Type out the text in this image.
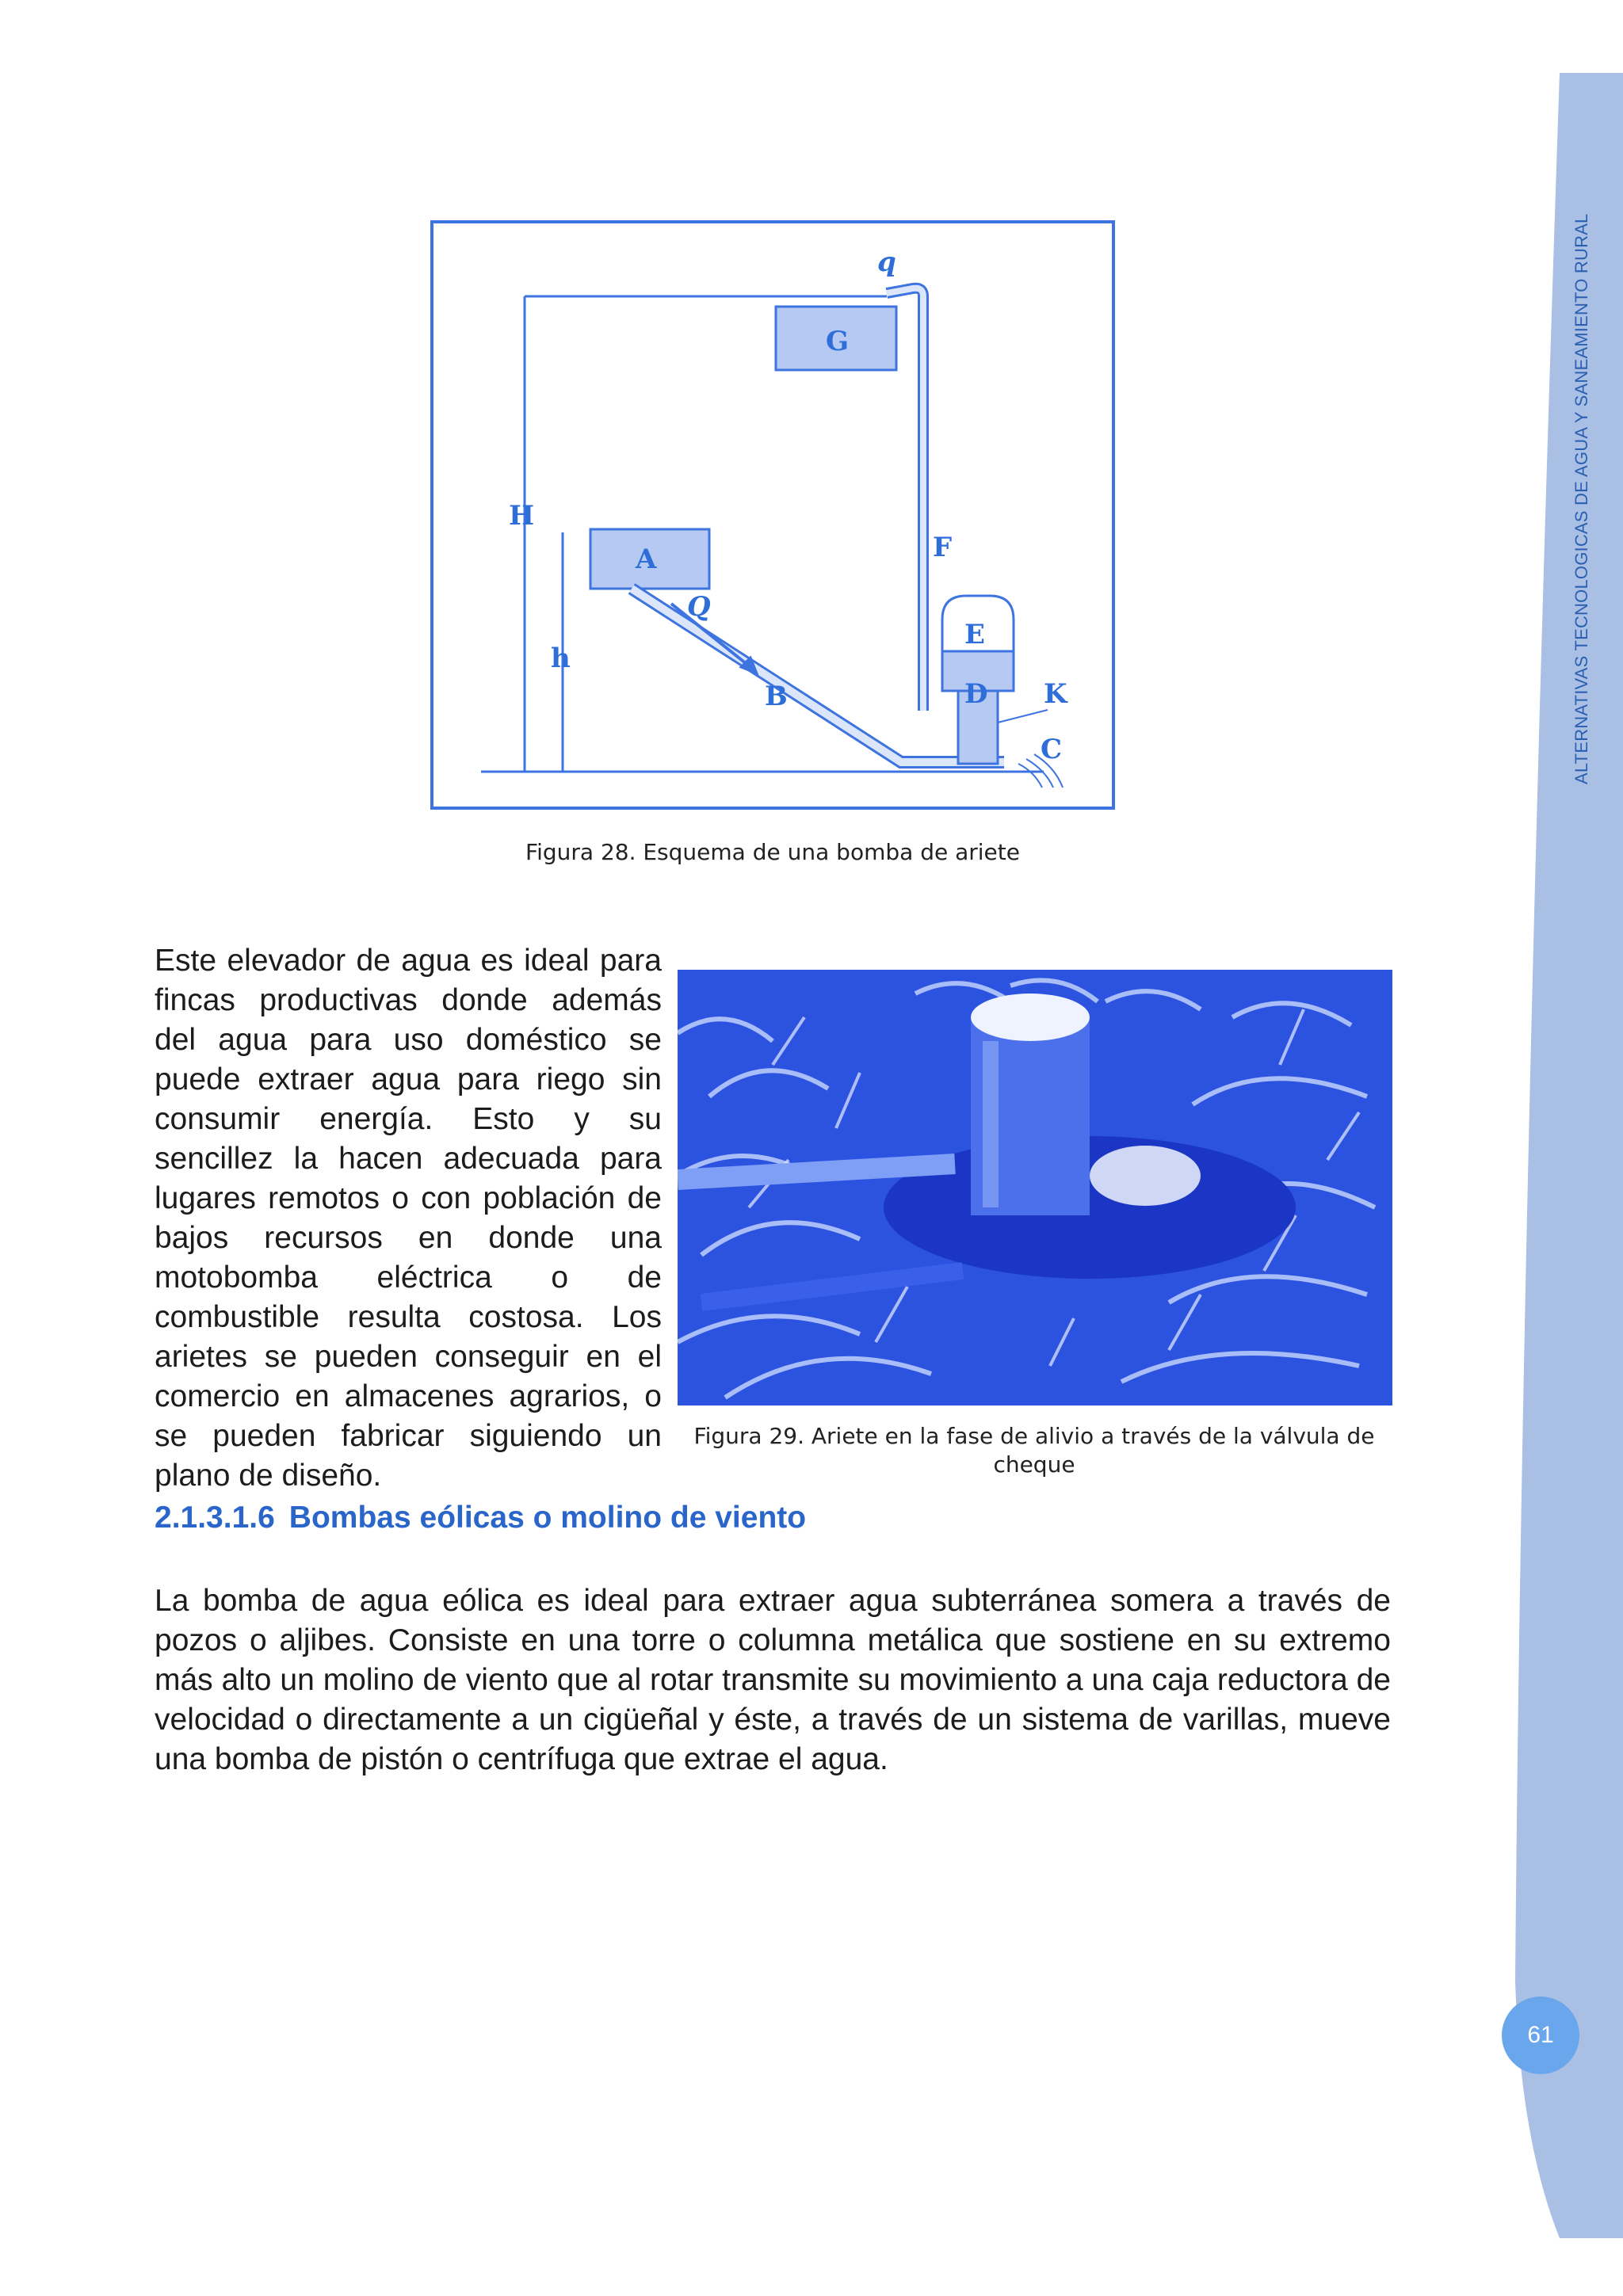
ALTERNATIVAS TECNOLOGICAS DE AGUA Y SANEAMIENTO RURAL
q
G
H
A
Q
F
h
E
B	D K
C
Figura 28. Esquema de una bomba de ariete

Este elevador de agua es ideal para fincas productivas donde además del agua para uso doméstico se puede extraer agua para riego sin consumir energía. Esto y su sencillez la hacen adecuada para lugares remotos o con población de bajos recursos en donde una motobomba eléctrica o de combustible resulta costosa. Los arietes se pueden conseguir en el comercio en almacenes agrarios, o se pueden fabricar siguiendo un plano de diseño.

Figura 29. Ariete en la fase de alivio a través de la válvula de cheque
2.1.3.1.6 Bombas eólicas o molino de viento

La bomba de agua eólica es ideal para extraer agua subterránea somera a través de pozos o aljibes. Consiste en una torre o columna metálica que sostiene en su extremo más alto un molino de viento que al rotar transmite su movimiento a una caja reductora de velocidad o directamente a un cigüeñal y éste, a través de un sistema de varillas, mueve una bomba de pistón o centrífuga que extrae el agua.

61
